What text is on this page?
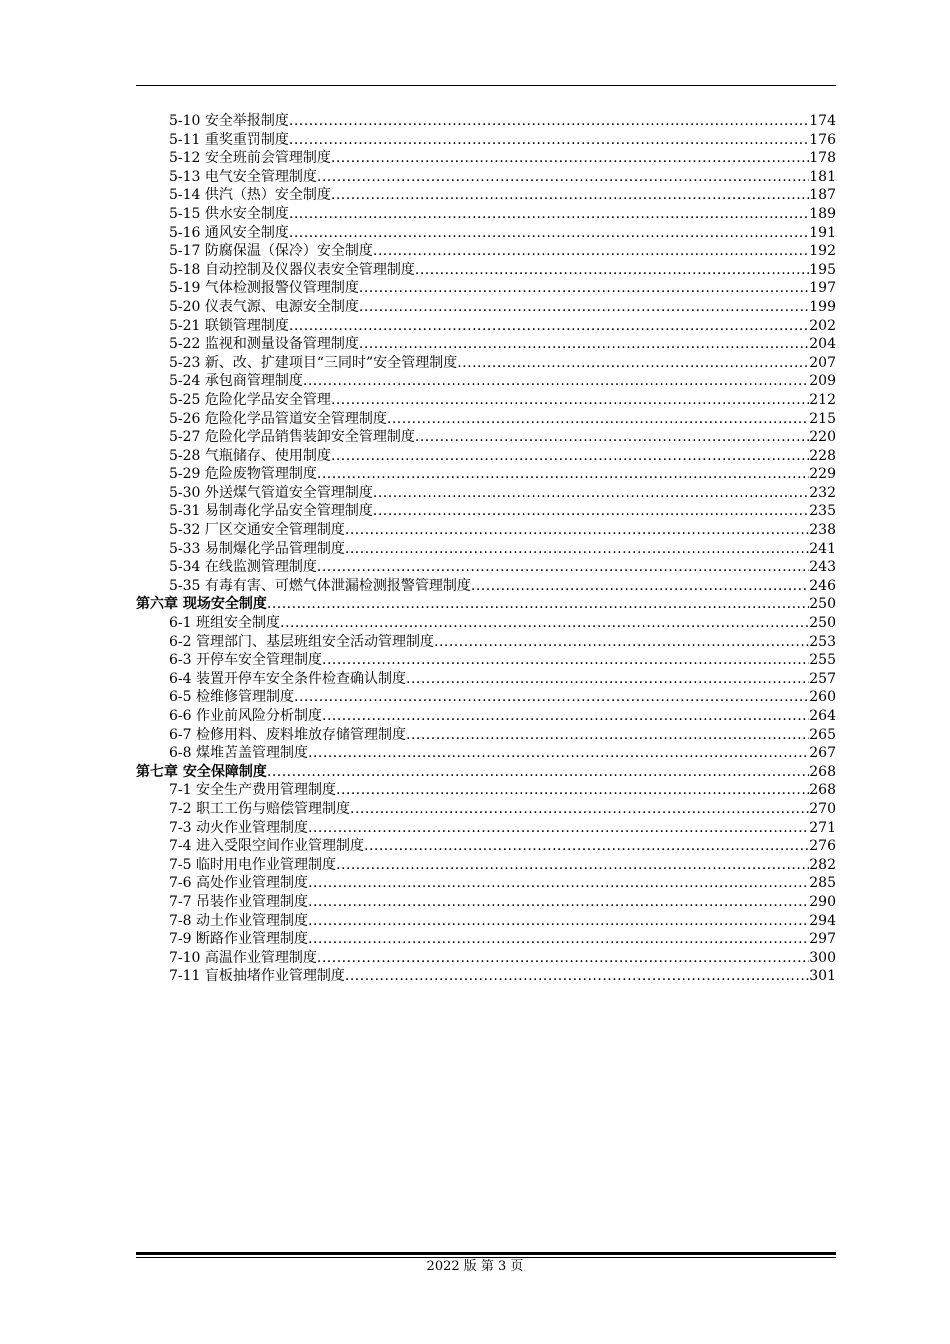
5-10 安全举报制度 .....	174
5-11 重奖重罚制度 .....	176
5-12 安全班前会管理制度 .....	178
5-13 电气安全管理制度 .....	181
5-14 供汽（热）安全制度 .....	187
5-15 供水安全制度 .....	189
5-16 通风安全制度 .....	191
5-17 防腐保温（保冷）安全制度 .....	192
5-18 自动控制及仪器仪表安全管理制度 .....	195
5-19 气体检测报警仪管理制度 .....	197
5-20 仪表气源、电源安全制度 .....	199
5-21 联锁管理制度 .....	202
5-22 监视和测量设备管理制度 .....	204
5-23 新、改、扩建项目“三同时”安全管理制度 .....	207
5-24 承包商管理制度 .....	209
5-25 危险化学品安全管理 .....	212
5-26 危险化学品管道安全管理制度 .....	215
5-27 危险化学品销售装卸安全管理制度 .....	220
5-28 气瓶储存、使用制度 .....	228
5-29 危险废物管理制度 .....	229
5-30 外送煤气管道安全管理制度 .....	232
5-31 易制毒化学品安全管理制度 .....	235
5-32 厂区交通安全管理制度 .....	238
5-33 易制爆化学品管理制度 .....	241
5-34 在线监测管理制度 .....	243
5-35 有毒有害、可燃气体泄漏检测报警管理制度 .....	246
第六章 现场安全制度 .....	250
6-1 班组安全制度 .....	250
6-2 管理部门、基层班组安全活动管理制度 .....	253
6-3 开停车安全管理制度 .....	255
6-4 装置开停车安全条件检查确认制度 .....	257
6-5 检维修管理制度 .....	260
6-6 作业前风险分析制度 .....	264
6-7 检修用料、废料堆放存储管理制度 .....	265
6-8 煤堆苫盖管理制度 .....	267
第七章 安全保障制度 .....	268
7-1 安全生产费用管理制度 .....	268
7-2 职工工伤与赔偿管理制度 .....	270
7-3 动火作业管理制度 .....	271
7-4 进入受限空间作业管理制度 .....	276
7-5 临时用电作业管理制度 .....	282
7-6 高处作业管理制度 .....	285
7-7 吊装作业管理制度 .....	290
7-8 动土作业管理制度 .....	294
7-9 断路作业管理制度 .....	297
7-10 高温作业管理制度 .....	300
7-11 盲板抽堵作业管理制度 .....	301
2022 版 第 3 页
